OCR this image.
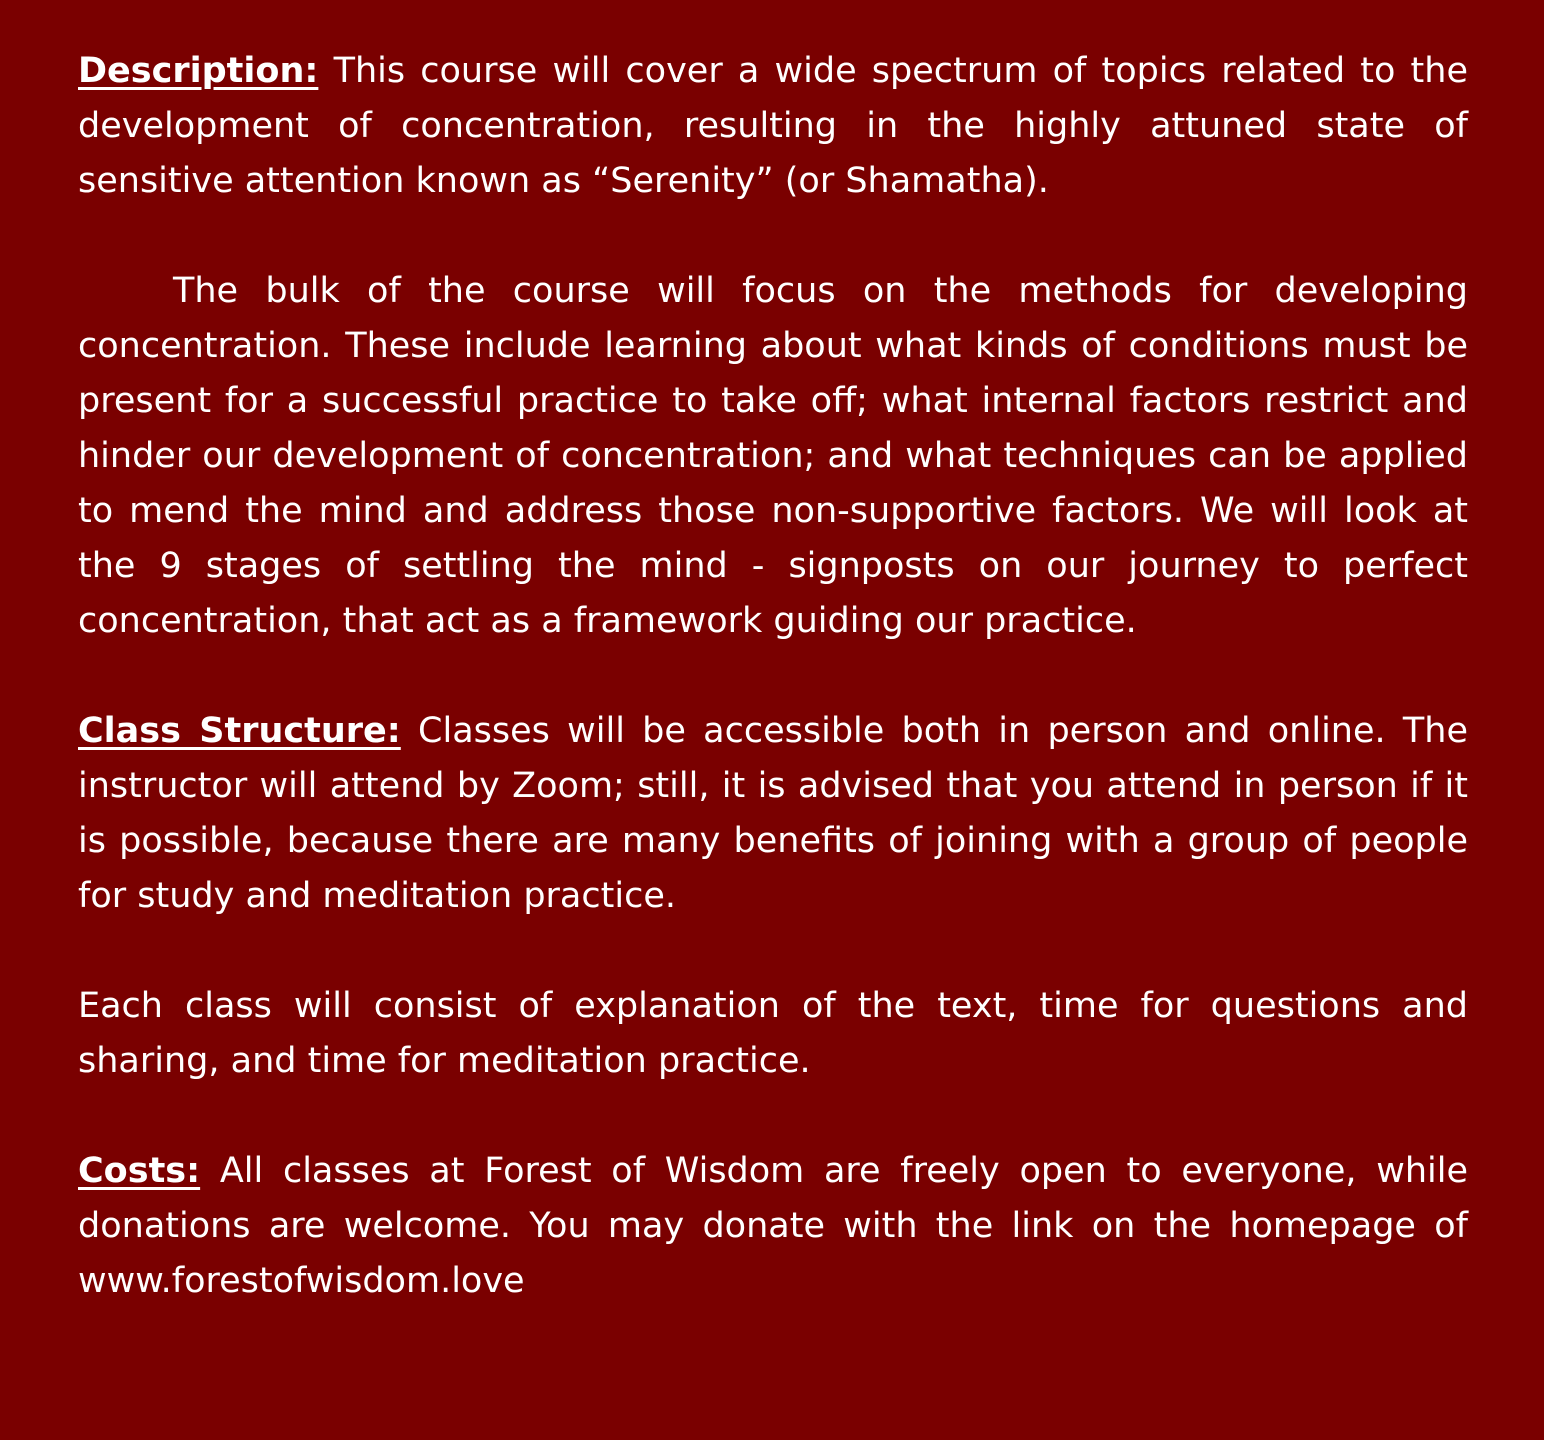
Description: This course will cover a wide spectrum of topics related to the development of concentration, resulting in the highly attuned state of sensitive attention known as “Serenity” (or Shamatha).

The bulk of the course will focus on the methods for developing concentration. These include learning about what kinds of conditions must be present for a successful practice to take off; what internal factors restrict and hinder our development of concentration; and what techniques can be applied to mend the mind and address those non-supportive factors. We will look at the 9 stages of settling the mind - signposts on our journey to perfect concentration, that act as a framework guiding our practice.

Class Structure: Classes will be accessible both in person and online. The instructor will attend by Zoom; still, it is advised that you attend in person if it is possible, because there are many benefits of joining with a group of people for study and meditation practice.

Each class will consist of explanation of the text, time for questions and sharing, and time for meditation practice.

Costs: All classes at Forest of Wisdom are freely open to everyone, while donations are welcome. You may donate with the link on the homepage of www.forestofwisdom.love
